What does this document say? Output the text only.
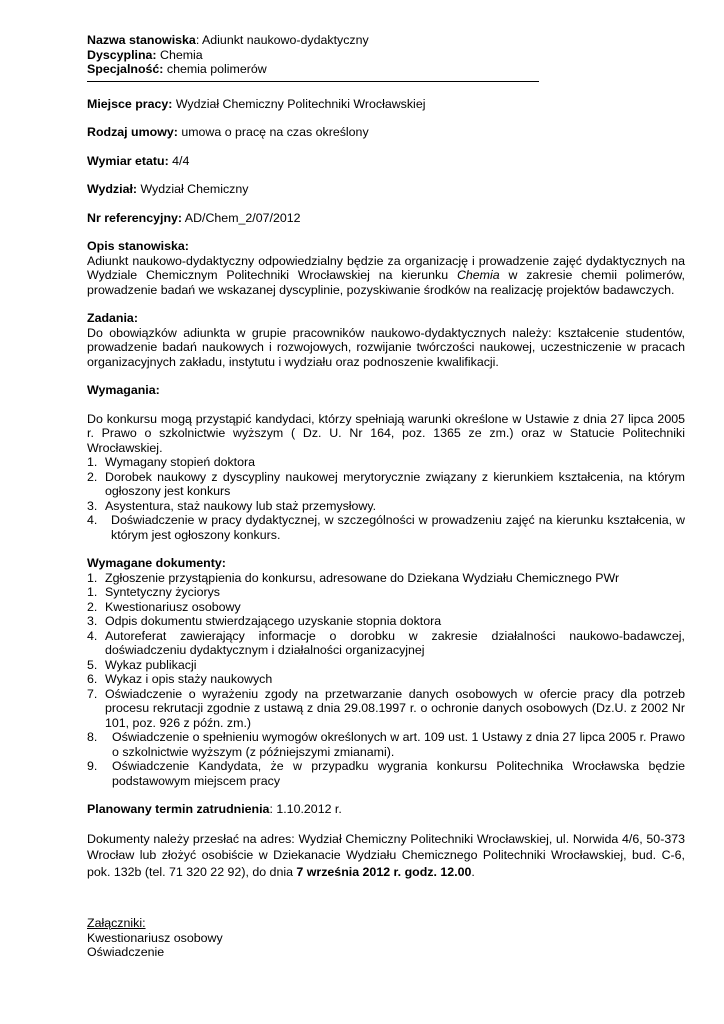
Nazwa stanowiska: Adiunkt naukowo-dydaktyczny

Dyscyplina: Chemia

Specjalność: chemia polimerów

Miejsce pracy: Wydział Chemiczny Politechniki Wrocławskiej

Rodzaj umowy: umowa o pracę na czas określony

Wymiar etatu: 4/4

Wydział: Wydział Chemiczny

Nr referencyjny: AD/Chem_2/07/2012

Opis stanowiska:

Adiunkt naukowo-dydaktyczny odpowiedzialny będzie za organizację i prowadzenie zajęć dydaktycznych na Wydziale Chemicznym Politechniki Wrocławskiej na kierunku Chemia w zakresie chemii polimerów, prowadzenie badań we wskazanej dyscyplinie, pozyskiwanie środków na realizację projektów badawczych.

Zadania:

Do obowiązków adiunkta w grupie pracowników naukowo-dydaktycznych należy: kształcenie studentów, prowadzenie badań naukowych i rozwojowych, rozwijanie twórczości naukowej, uczestniczenie w pracach organizacyjnych zakładu, instytutu i wydziału oraz podnoszenie kwalifikacji.

Wymagania:

Do konkursu mogą przystąpić kandydaci, którzy spełniają warunki określone w Ustawie z dnia 27 lipca 2005 r. Prawo o szkolnictwie wyższym ( Dz. U. Nr 164, poz. 1365 ze zm.) oraz w Statucie Politechniki Wrocławskiej.

1. Wymagany stopień doktora
2. Dorobek naukowy z dyscypliny naukowej merytorycznie związany z kierunkiem kształcenia, na którym ogłoszony jest konkurs
3. Asystentura, staż naukowy lub staż przemysłowy.
4. Doświadczenie w pracy dydaktycznej, w szczególności w prowadzeniu zajęć na kierunku kształcenia, w którym jest ogłoszony konkurs.

Wymagane dokumenty:

1. Zgłoszenie przystąpienia do konkursu, adresowane do Dziekana Wydziału Chemicznego PWr
1. Syntetyczny życiorys
2. Kwestionariusz osobowy
3. Odpis dokumentu stwierdzającego uzyskanie stopnia doktora
4. Autoreferat zawierający informacje o dorobku w zakresie działalności naukowo-badawczej, doświadczeniu dydaktycznym i działalności organizacyjnej
5. Wykaz publikacji
6. Wykaz i opis staży naukowych
7. Oświadczenie o wyrażeniu zgody na przetwarzanie danych osobowych w ofercie pracy dla potrzeb procesu rekrutacji zgodnie z ustawą z dnia 29.08.1997 r. o ochronie danych osobowych (Dz.U. z 2002 Nr 101, poz. 926 z późn. zm.)
8. Oświadczenie o spełnieniu wymogów określonych w art. 109 ust. 1 Ustawy z dnia 27 lipca 2005 r. Prawo o szkolnictwie wyższym (z późniejszymi zmianami).
9. Oświadczenie Kandydata, że w przypadku wygrania konkursu Politechnika Wrocławska będzie podstawowym miejscem pracy

Planowany termin zatrudnienia: 1.10.2012 r.

Dokumenty należy przesłać na adres: Wydział Chemiczny Politechniki Wrocławskiej, ul. Norwida 4/6, 50-373 Wrocław lub złożyć osobiście w Dziekanacie Wydziału Chemicznego Politechniki Wrocławskiej, bud. C-6, pok. 132b (tel. 71 320 22 92), do dnia 7 września 2012 r. godz. 12.00.

Załączniki:

Kwestionariusz osobowy

Oświadczenie
